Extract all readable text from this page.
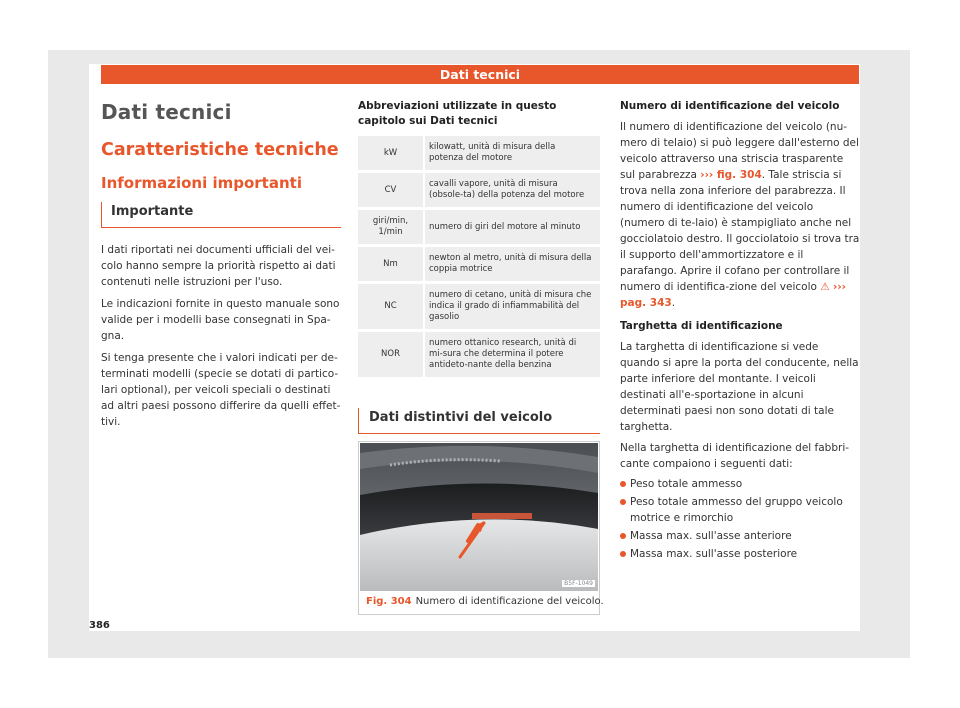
Dati tecnici
Dati tecnici
Caratteristiche tecniche
Informazioni importanti
Importante

I dati riportati nei documenti ufficiali del vei-colo hanno sempre la priorità rispetto ai dati contenuti nelle istruzioni per l'uso.

Le indicazioni fornite in questo manuale sono valide per i modelli base consegnati in Spa-gna.

Si tenga presente che i valori indicati per de-terminati modelli (specie se dotati di partico-lari optional), per veicoli speciali o destinati ad altri paesi possono differire da quelli effet-tivi.

Abbreviazioni utilizzate in questo capitolo sui Dati tecnici
kW	kilowatt, unità di misura della potenza del motore
CV	cavalli vapore, unità di misura (obsole-ta) della potenza del motore
giri/min, 1/min	numero di giri del motore al minuto
Nm	newton al metro, unità di misura della coppia motrice
NC	numero di cetano, unità di misura che indica il grado di infiammabilità del gasolio
NOR	numero ottanico research, unità di mi-sura che determina il potere antideto-nante della benzina
Dati distintivi del veicolo
B5F-1049
Fig. 304 Numero di identificazione del veicolo.
Numero di identificazione del veicolo

Il numero di identificazione del veicolo (nu-mero di telaio) si può leggere dall'esterno del veicolo attraverso una striscia trasparente sul parabrezza ››› fig. 304. Tale striscia si trova nella zona inferiore del parabrezza. Il numero di identificazione del veicolo (numero di te-laio) è stampigliato anche nel gocciolatoio destro. Il gocciolatoio si trova tra il supporto dell'ammortizzatore e il parafango. Aprire il cofano per controllare il numero di identifica-zione del veicolo ⚠ ››› pag. 343.

Targhetta di identificazione

La targhetta di identificazione si vede quando si apre la porta del conducente, nella parte inferiore del montante. I veicoli destinati all'e-sportazione in alcuni determinati paesi non sono dotati di tale targhetta.

Nella targhetta di identificazione del fabbri-cante compaiono i seguenti dati:

Peso totale ammesso
Peso totale ammesso del gruppo veicolo motrice e rimorchio
Massa max. sull'asse anteriore
Massa max. sull'asse posteriore
386
